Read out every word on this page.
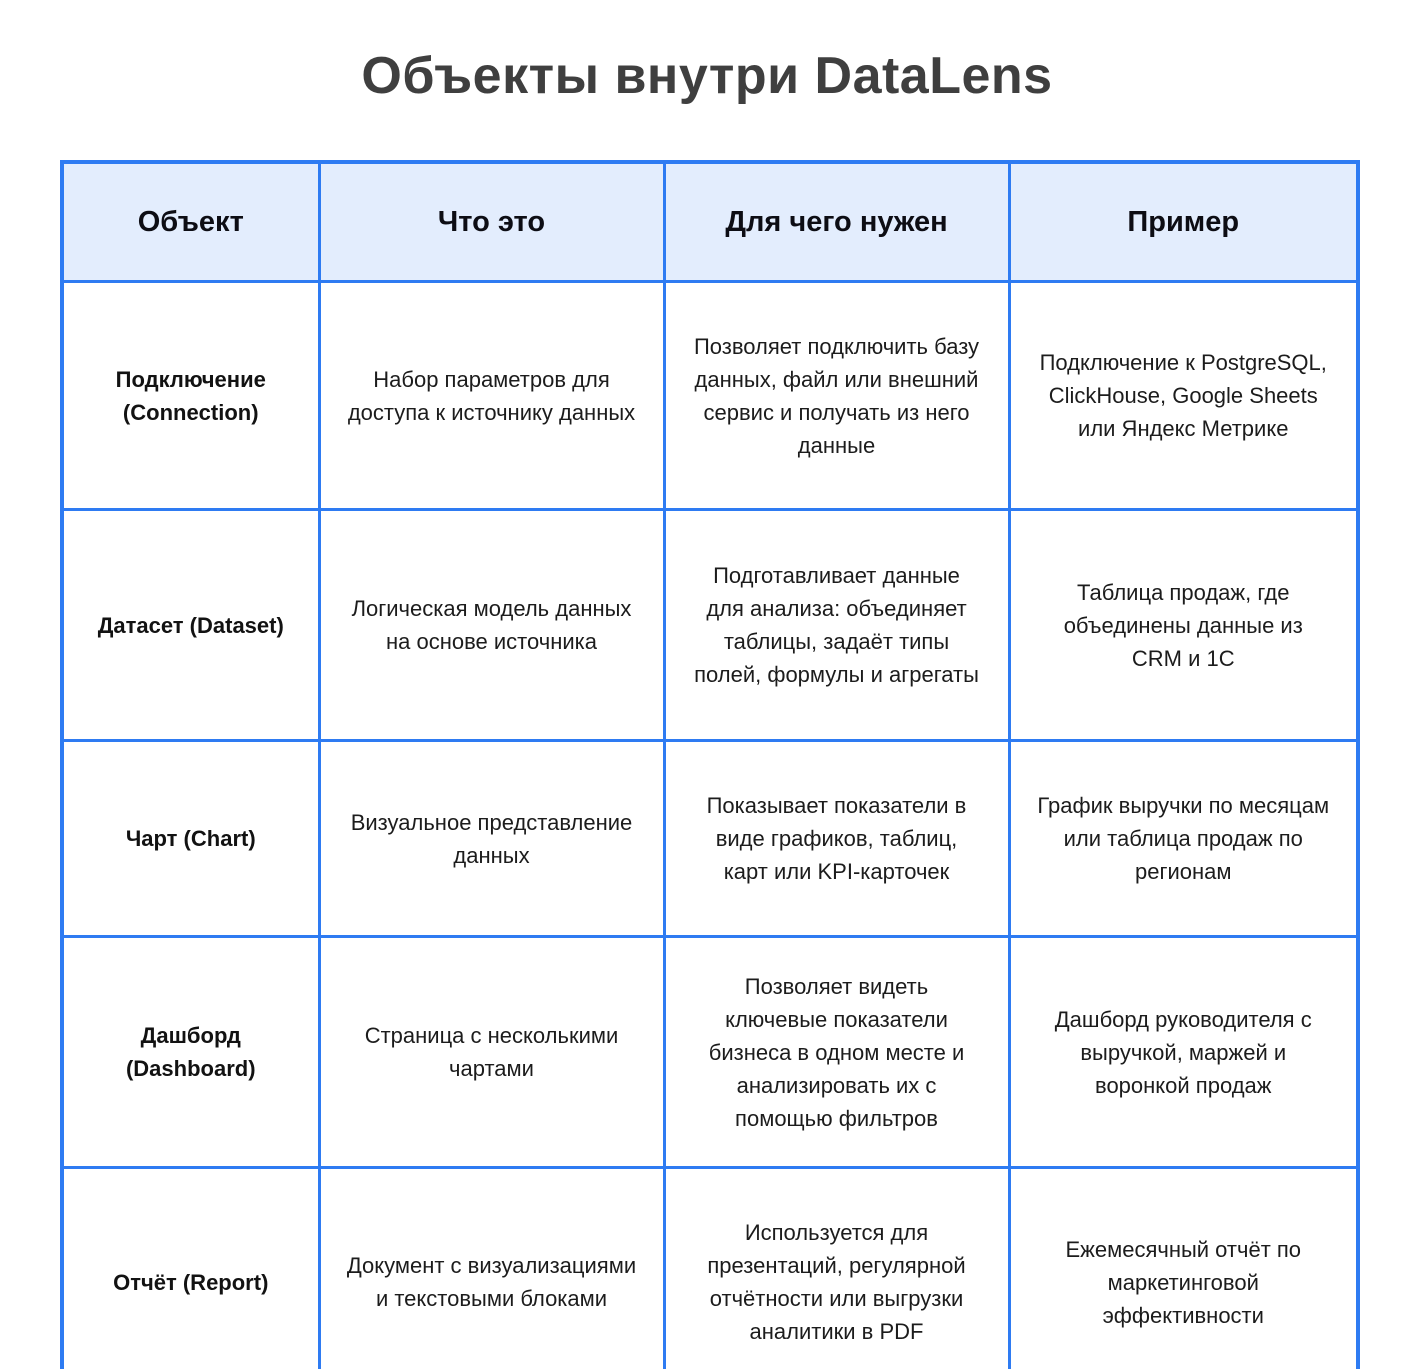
Объекты внутри DataLens
Объект	Что это	Для чего нужен	Пример
Подключение (Connection)	Набор параметров для доступа к источнику данных	Позволяет подключить базу данных, файл или внешний сервис и получать из него данные	Подключение к PostgreSQL, ClickHouse, Google Sheets или Яндекс Метрике
Датасет (Dataset)	Логическая модель данных на основе источника	Подготавливает данные для анализа: объединяет таблицы, задаёт типы полей, формулы и агрегаты	Таблица продаж, где объединены данные из CRM и 1С
Чарт (Chart)	Визуальное представление данных	Показывает показатели в виде графиков, таблиц, карт или KPI-карточек	График выручки по месяцам или таблица продаж по регионам
Дашборд (Dashboard)	Страница с несколькими чартами	Позволяет видеть ключевые показатели бизнеса в одном месте и анализировать их с помощью фильтров	Дашборд руководителя с выручкой, маржей и воронкой продаж
Отчёт (Report)	Документ с визуализациями и текстовыми блоками	Используется для презентаций, регулярной отчётности или выгрузки аналитики в PDF	Ежемесячный отчёт по маркетинговой эффективности
